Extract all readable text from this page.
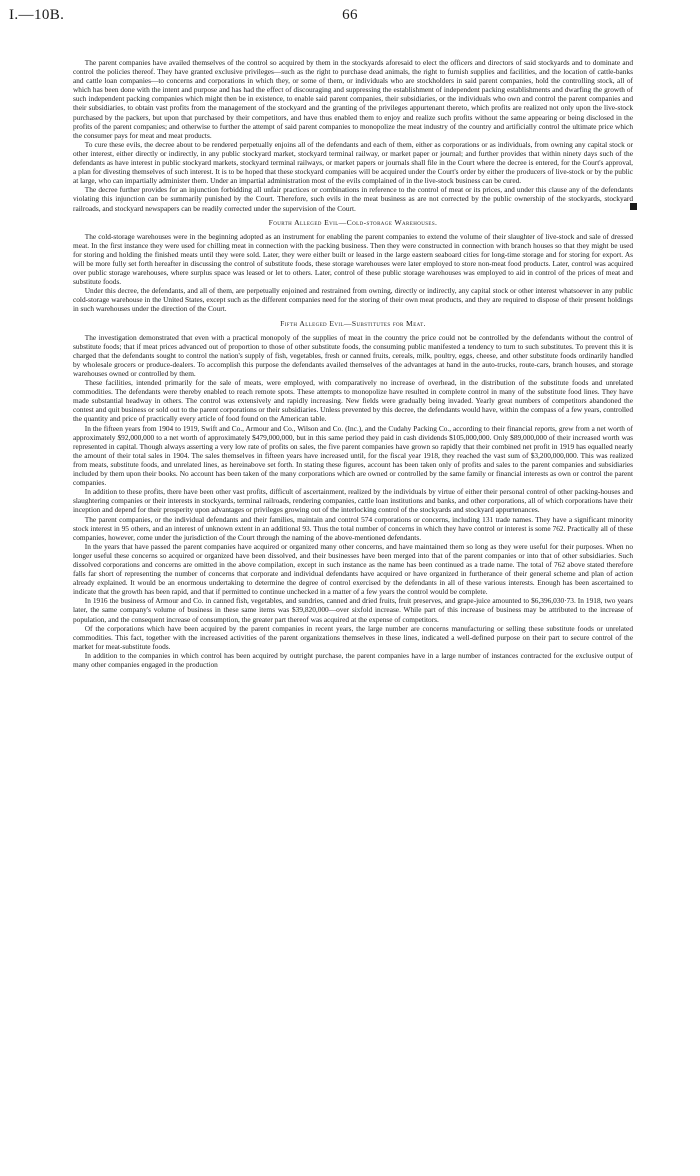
I.—10B.	66

The parent companies have availed themselves of the control so acquired by them in the stockyards aforesaid to elect the officers and directors of said stockyards and to dominate and control the policies thereof. They have granted exclusive privileges—such as the right to purchase dead animals, the right to furnish supplies and facilities, and the location of cattle-banks and cattle loan companies—to concerns and corporations in which they, or some of them, or individuals who are stockholders in said parent companies, hold the controlling stock, all of which has been done with the intent and purpose and has had the effect of discouraging and suppressing the establishment of independent packing establishments and dwarfing the growth of such independent packing companies which might then be in existence, to enable said parent companies, their subsidiaries, or the individuals who own and control the parent companies and their subsidiaries, to obtain vast profits from the management of the stockyard and the granting of the privileges appurtenant thereto, which profits are realized not only upon the live-stock purchased by the packers, but upon that purchased by their competitors, and have thus enabled them to enjoy and realize such profits without the same appearing or being disclosed in the profits of the parent companies; and otherwise to further the attempt of said parent companies to monopolize the meat industry of the country and artificially control the ultimate price which the consumer pays for meat and meat products.

To cure these evils, the decree about to be rendered perpetually enjoins all of the defendants and each of them, either as corporations or as individuals, from owning any capital stock or other interest, either directly or indirectly, in any public stockyard market, stockyard terminal railway, or market paper or journal; and further provides that within ninety days such of the defendants as have interest in public stockyard markets, stockyard terminal railways, or market papers or journals shall file in the Court where the decree is entered, for the Court's approval, a plan for divesting themselves of such interest. It is to be hoped that these stockyard companies will be acquired under the Court's order by either the producers of live-stock or by the public at large, who can impartially administer them. Under an impartial administration most of the evils complained of in the live-stock business can be cured.

The decree further provides for an injunction forbidding all unfair practices or combinations in reference to the control of meat or its prices, and under this clause any of the defendants violating this injunction can be summarily punished by the Court. Therefore, such evils in the meat business as are not corrected by the public ownership of the stockyards, stockyard railroads, and stockyard newspapers can be readily corrected under the supervision of the Court.

Fourth Alleged Evil—Cold-storage Warehouses.

The cold-storage warehouses were in the beginning adopted as an instrument for enabling the parent companies to extend the volume of their slaughter of live-stock and sale of dressed meat. In the first instance they were used for chilling meat in connection with the packing business. Then they were constructed in connection with branch houses so that they might be used for storing and holding the finished meats until they were sold. Later, they were either built or leased in the large eastern seaboard cities for long-time storage and for storing for export. As will be more fully set forth hereafter in discussing the control of substitute foods, these storage warehouses were later employed to store non-meat food products. Later, control was acquired over public storage warehouses, where surplus space was leased or let to others. Later, control of these public storage warehouses was employed to aid in control of the prices of meat and substitute foods.

Under this decree, the defendants, and all of them, are perpetually enjoined and restrained from owning, directly or indirectly, any capital stock or other interest whatsoever in any public cold-storage warehouse in the United States, except such as the different companies need for the storing of their own meat products, and they are required to dispose of their present holdings in such warehouses under the direction of the Court.

Fifth Alleged Evil—Substitutes for Meat.

The investigation demonstrated that even with a practical monopoly of the supplies of meat in the country the price could not be controlled by the defendants without the control of substitute foods; that if meat prices advanced out of proportion to those of other substitute foods, the consuming public manifested a tendency to turn to such substitutes. To prevent this it is charged that the defendants sought to control the nation's supply of fish, vegetables, fresh or canned fruits, cereals, milk, poultry, eggs, cheese, and other substitute foods ordinarily handled by wholesale grocers or produce-dealers. To accomplish this purpose the defendants availed themselves of the advantages at hand in the auto-trucks, route-cars, branch houses, and storage warehouses owned or controlled by them.

These facilities, intended primarily for the sale of meats, were employed, with comparatively no increase of overhead, in the distribution of the substitute foods and unrelated commodities. The defendants were thereby enabled to reach remote spots. These attempts to monopolize have resulted in complete control in many of the substitute food lines. They have made substantial headway in others. The control was extensively and rapidly increasing. New fields were gradually being invaded. Yearly great numbers of competitors abandoned the contest and quit business or sold out to the parent corporations or their subsidiaries. Unless prevented by this decree, the defendants would have, within the compass of a few years, controlled the quantity and price of practically every article of food found on the American table.

In the fifteen years from 1904 to 1919, Swift and Co., Armour and Co., Wilson and Co. (Inc.), and the Cudahy Packing Co., according to their financial reports, grew from a net worth of approximately $92,000,000 to a net worth of approximately $479,000,000, but in this same period they paid in cash dividends $105,000,000. Only $89,000,000 of their increased worth was represented in capital. Though always asserting a very low rate of profits on sales, the five parent companies have grown so rapidly that their combined net profit in 1919 has equalled nearly the amount of their total sales in 1904. The sales themselves in fifteen years have increased until, for the fiscal year 1918, they reached the vast sum of $3,200,000,000. This was realized from meats, substitute foods, and unrelated lines, as hereinabove set forth. In stating these figures, account has been taken only of profits and sales to the parent companies and subsidiaries included by them upon their books. No account has been taken of the many corporations which are owned or controlled by the same family or financial interests as own or control the parent companies.

In addition to these profits, there have been other vast profits, difficult of ascertainment, realized by the individuals by virtue of either their personal control of other packing-houses and slaughtering companies or their interests in stockyards, terminal railroads, rendering companies, cattle loan institutions and banks, and other corporations, all of which corporations have their inception and depend for their prosperity upon advantages or privileges growing out of the interlocking control of the stockyards and stockyard appurtenances.

The parent companies, or the individual defendants and their families, maintain and control 574 corporations or concerns, including 131 trade names. They have a significant minority stock interest in 95 others, and an interest of unknown extent in an additional 93. Thus the total number of concerns in which they have control or interest is some 762. Practically all of these companies, however, come under the jurisdiction of the Court through the naming of the above-mentioned defendants.

In the years that have passed the parent companies have acquired or organized many other concerns, and have maintained them so long as they were useful for their purposes. When no longer useful these concerns so acquired or organized have been dissolved, and their businesses have been merged into that of the parent companies or into that of other subsidiaries. Such dissolved corporations and concerns are omitted in the above compilation, except in such instance as the name has been continued as a trade name. The total of 762 above stated therefore falls far short of representing the number of concerns that corporate and individual defendants have acquired or have organized in furtherance of their general scheme and plan of action already explained. It would be an enormous undertaking to determine the degree of control exercised by the defendants in all of these various interests. Enough has been ascertained to indicate that the growth has been rapid, and that if permitted to continue unchecked in a matter of a few years the control would be complete.

In 1916 the business of Armour and Co. in canned fish, vegetables, and sundries, canned and dried fruits, fruit preserves, and grape-juice amounted to $6,396,030·73. In 1918, two years later, the same company's volume of business in these same items was $39,820,000—over sixfold increase. While part of this increase of business may be attributed to the increase of population, and the consequent increase of consumption, the greater part thereof was acquired at the expense of competitors.

Of the corporations which have been acquired by the parent companies in recent years, the large number are concerns manufacturing or selling these substitute foods or unrelated commodities. This fact, together with the increased activities of the parent organizations themselves in these lines, indicated a well-defined purpose on their part to secure control of the market for meat-substitute foods.

In addition to the companies in which control has been acquired by outright purchase, the parent companies have in a large number of instances contracted for the exclusive output of many other companies engaged in the production
